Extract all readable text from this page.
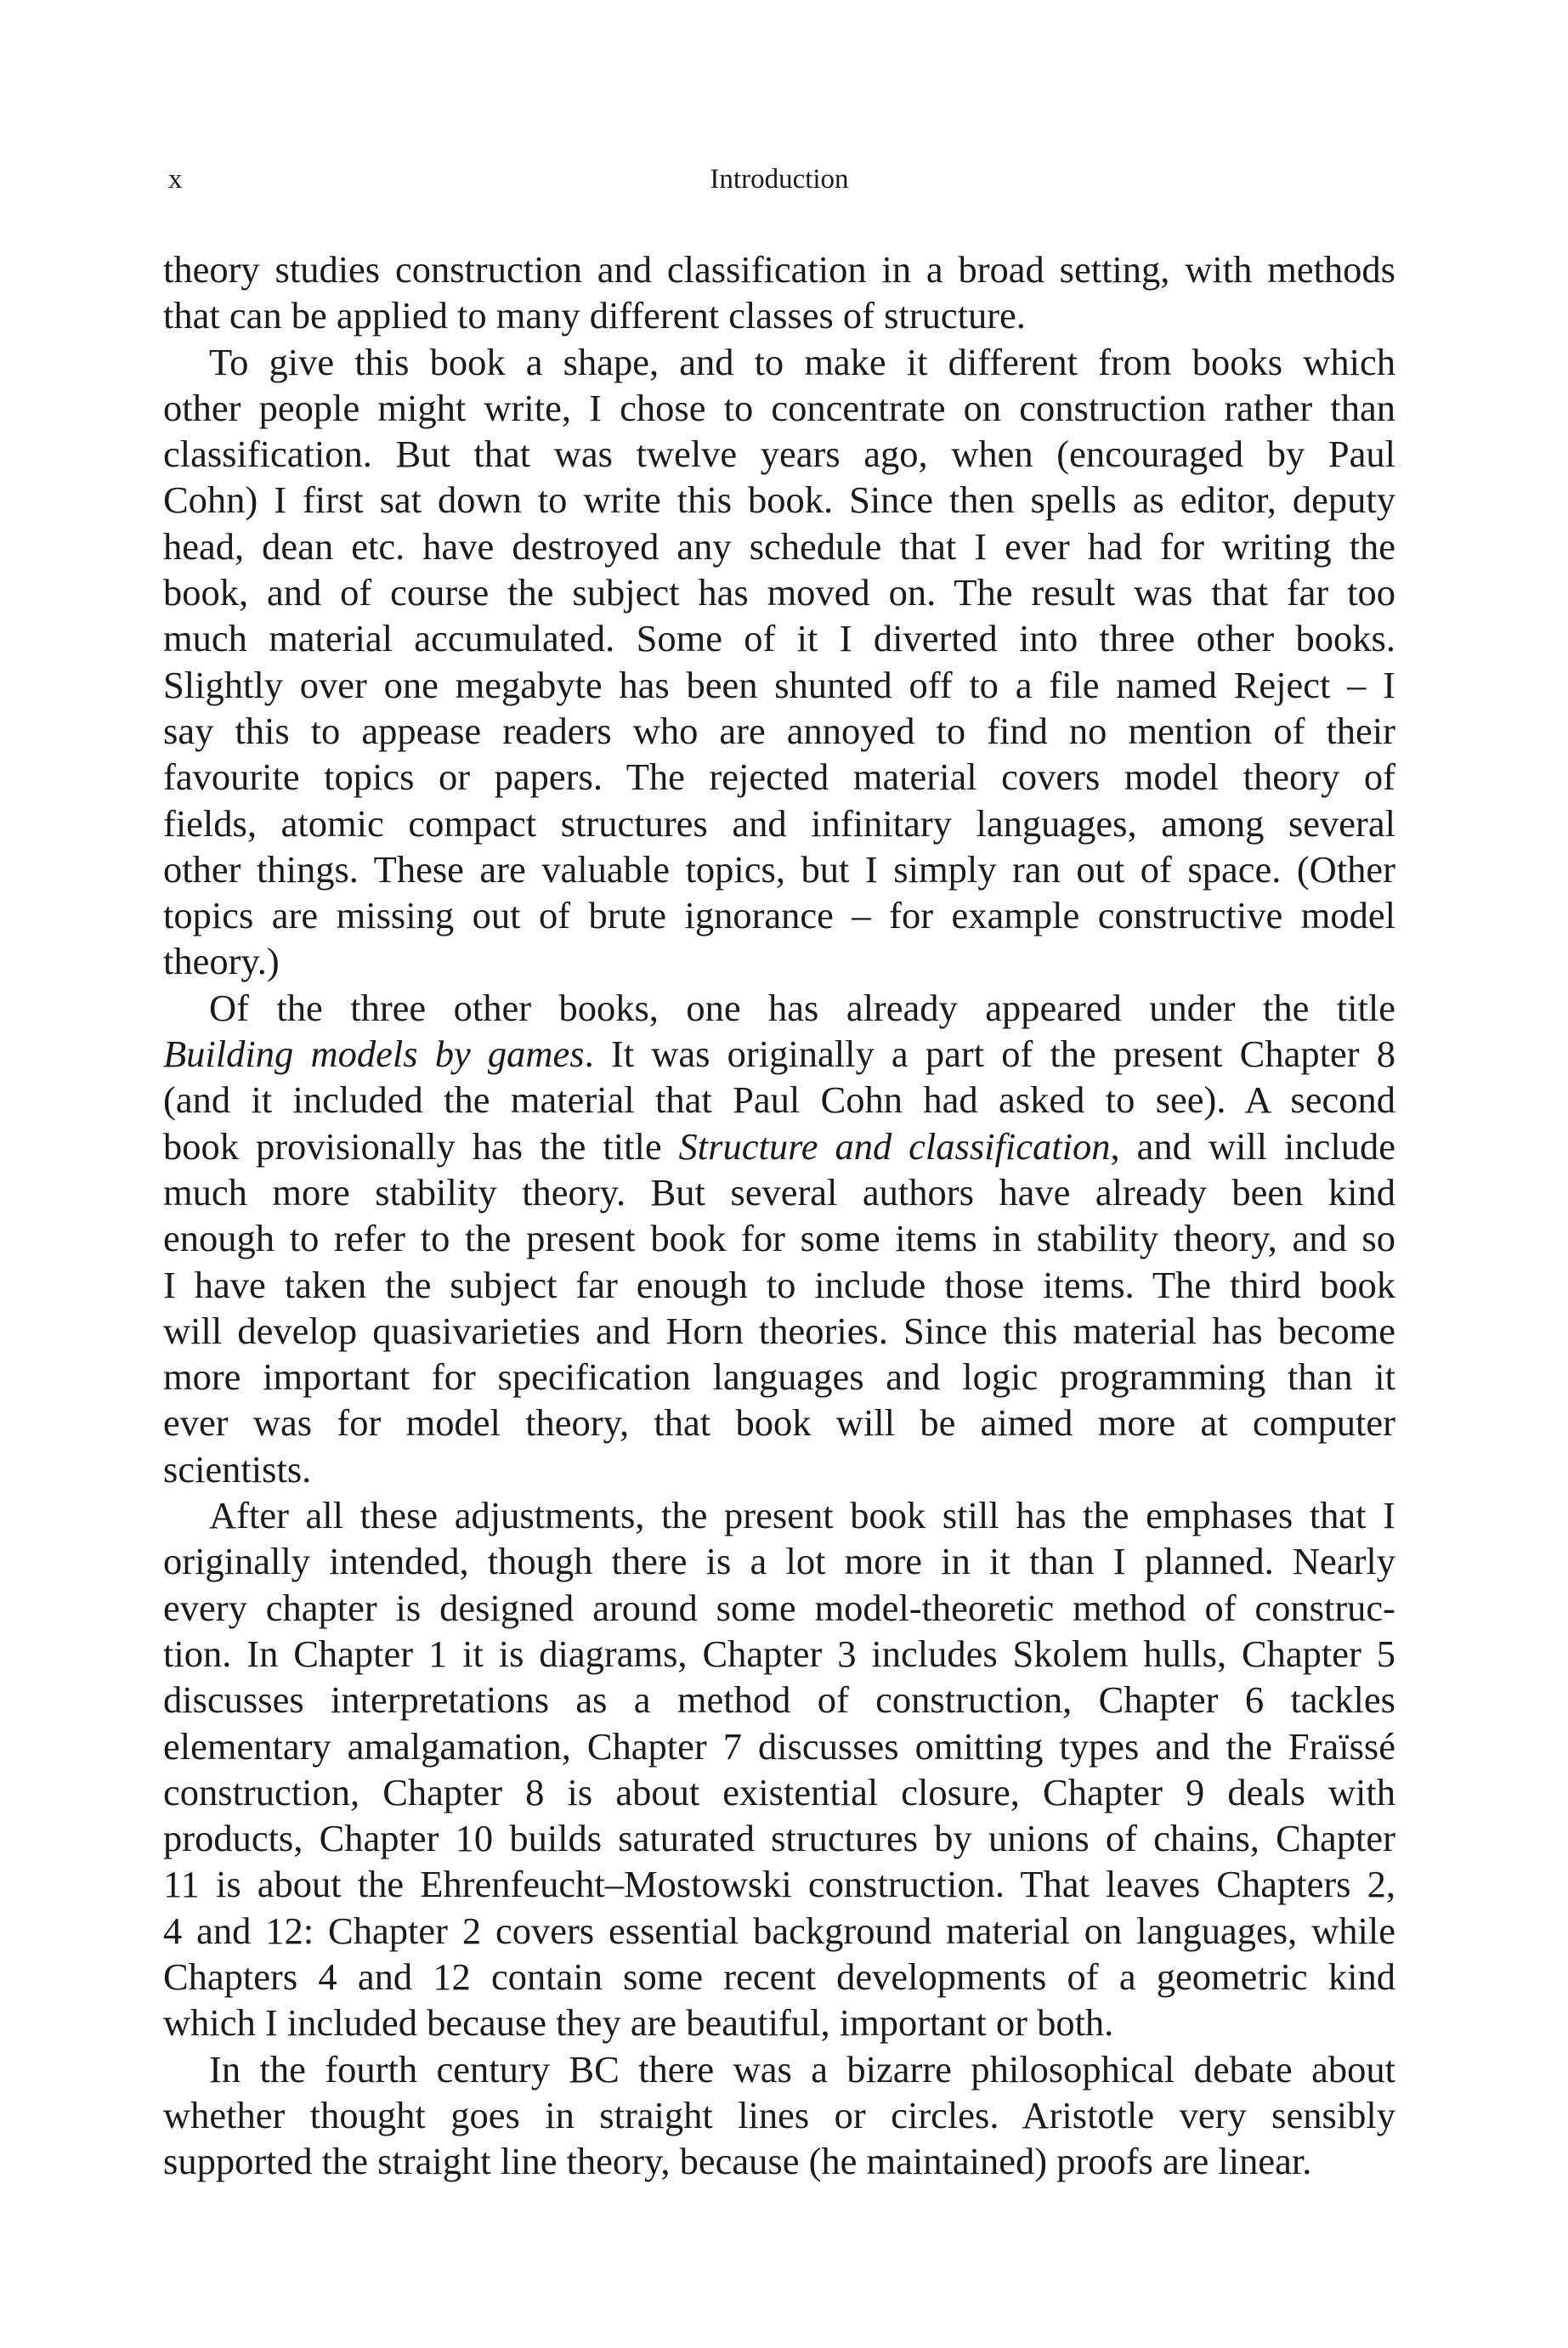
x	Introduction

theory studies construction and classification in a broad setting, with methods
that can be applied to many different classes of structure.

To give this book a shape, and to make it different from books which
other people might write, I chose to concentrate on construction rather than
classification. But that was twelve years ago, when (encouraged by Paul
Cohn) I first sat down to write this book. Since then spells as editor, deputy
head, dean etc. have destroyed any schedule that I ever had for writing the
book, and of course the subject has moved on. The result was that far too
much material accumulated. Some of it I diverted into three other books.
Slightly over one megabyte has been shunted off to a file named Reject – I
say this to appease readers who are annoyed to find no mention of their
favourite topics or papers. The rejected material covers model theory of
fields, atomic compact structures and infinitary languages, among several
other things. These are valuable topics, but I simply ran out of space. (Other
topics are missing out of brute ignorance – for example constructive model
theory.)

Of the three other books, one has already appeared under the title
Building models by games. It was originally a part of the present Chapter 8
(and it included the material that Paul Cohn had asked to see). A second
book provisionally has the title Structure and classification, and will include
much more stability theory. But several authors have already been kind
enough to refer to the present book for some items in stability theory, and so
I have taken the subject far enough to include those items. The third book
will develop quasivarieties and Horn theories. Since this material has become
more important for specification languages and logic programming than it
ever was for model theory, that book will be aimed more at computer
scientists.

After all these adjustments, the present book still has the emphases that I
originally intended, though there is a lot more in it than I planned. Nearly
every chapter is designed around some model-theoretic method of construc-
tion. In Chapter 1 it is diagrams, Chapter 3 includes Skolem hulls, Chapter 5
discusses interpretations as a method of construction, Chapter 6 tackles
elementary amalgamation, Chapter 7 discusses omitting types and the Fraïssé
construction, Chapter 8 is about existential closure, Chapter 9 deals with
products, Chapter 10 builds saturated structures by unions of chains, Chapter
11 is about the Ehrenfeucht–Mostowski construction. That leaves Chapters 2,
4 and 12: Chapter 2 covers essential background material on languages, while
Chapters 4 and 12 contain some recent developments of a geometric kind
which I included because they are beautiful, important or both.

In the fourth century BC there was a bizarre philosophical debate about
whether thought goes in straight lines or circles. Aristotle very sensibly
supported the straight line theory, because (he maintained) proofs are linear.
